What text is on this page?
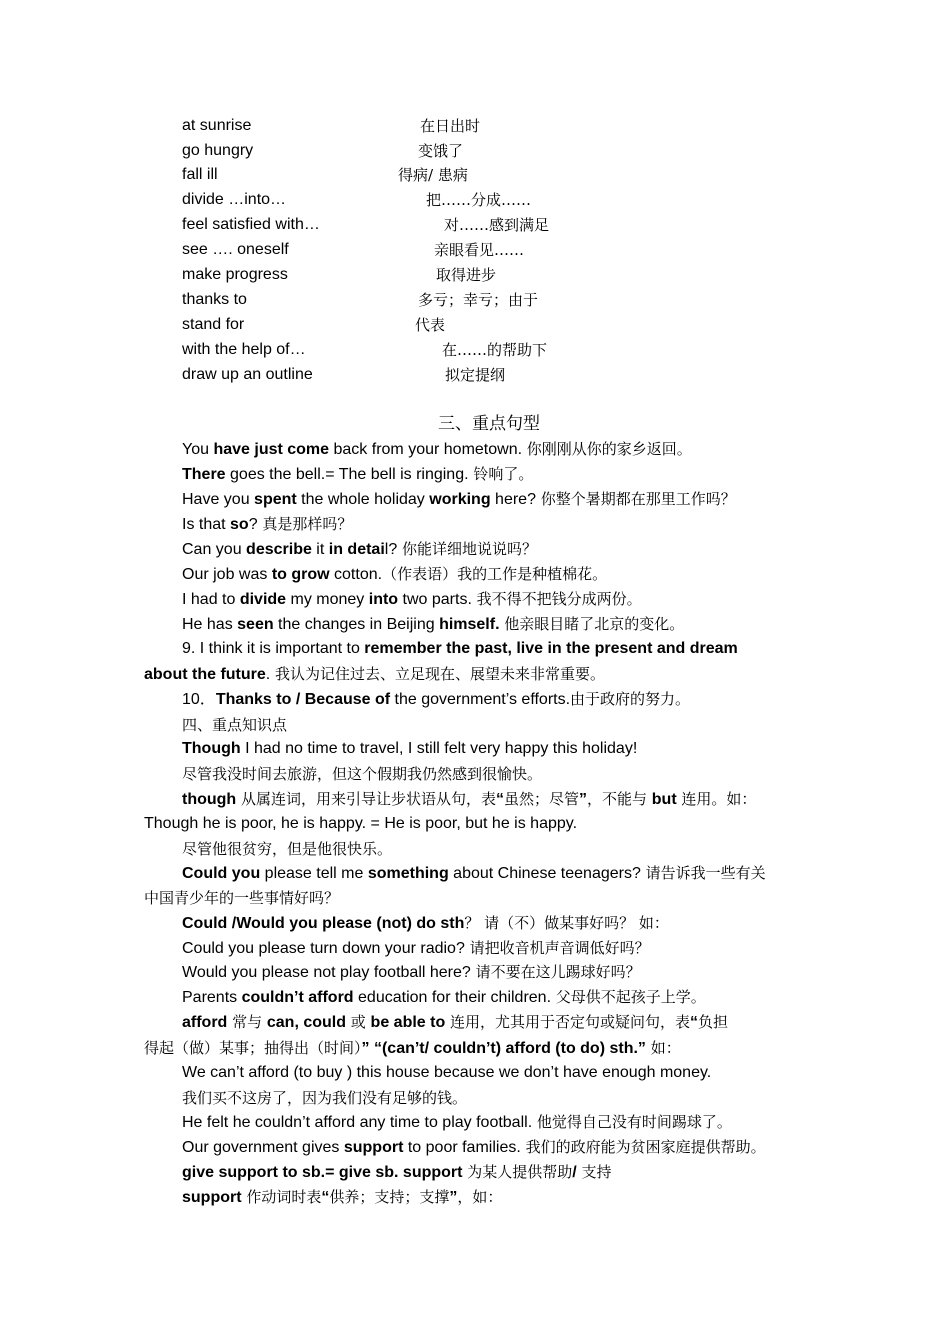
at sunrise	在日出时
go hungry	变饿了
fall ill	得病/ 患病
divide …into…	把……分成……
feel satisfied with…	对……感到满足
see …. oneself	亲眼看见……
make progress	取得进步
thanks to	多亏；幸亏；由于
stand for	代表
with the help of…	在……的帮助下
draw up an outline	拟定提纲
三、重点句型
You have just come back from your hometown. 你刚刚从你的家乡返回。
There goes the bell.= The bell is ringing. 铃响了。
Have you spent the whole holiday working here? 你整个暑期都在那里工作吗？
Is that so? 真是那样吗？
Can you describe it in detail? 你能详细地说说吗？
Our job was to grow cotton.（作表语）我的工作是种植棉花。
I had to divide my money into two parts. 我不得不把钱分成两份。
He has seen the changes in Beijing himself. 他亲眼目睹了北京的变化。
9. I think it is important to remember the past, live in the present and dream
about the future. 我认为记住过去、立足现在、展望未来非常重要。
10．Thanks to / Because of the government’s efforts.由于政府的努力。
四、重点知识点
Though I had no time to travel, I still felt very happy this holiday!
尽管我没时间去旅游，但这个假期我仍然感到很愉快。
though 从属连词，用来引导让步状语从句，表“虽然；尽管”，不能与 but 连用。如：
Though he is poor, he is happy. = He is poor, but he is happy.
尽管他很贫穷，但是他很快乐。
Could you please tell me something about Chinese teenagers? 请告诉我一些有关
中国青少年的一些事情好吗？
Could /Would you please (not) do sth？ 请（不）做某事好吗？ 如：
Could you please turn down your radio? 请把收音机声音调低好吗？
Would you please not play football here? 请不要在这儿踢球好吗？
Parents couldn’t afford education for their children. 父母供不起孩子上学。
afford 常与 can, could 或 be able to 连用，尤其用于否定句或疑问句，表“负担
得起（做）某事；抽得出（时间）” “(can’t/ couldn’t) afford (to do) sth.” 如：
We can’t afford (to buy ) this house because we don’t have enough money.
我们买不这房了，因为我们没有足够的钱。
He felt he couldn’t afford any time to play football. 他觉得自己没有时间踢球了。
Our government gives support to poor families. 我们的政府能为贫困家庭提供帮助。
give support to sb.= give sb. support 为某人提供帮助/ 支持
support 作动词时表“供养；支持；支撑”，如：
